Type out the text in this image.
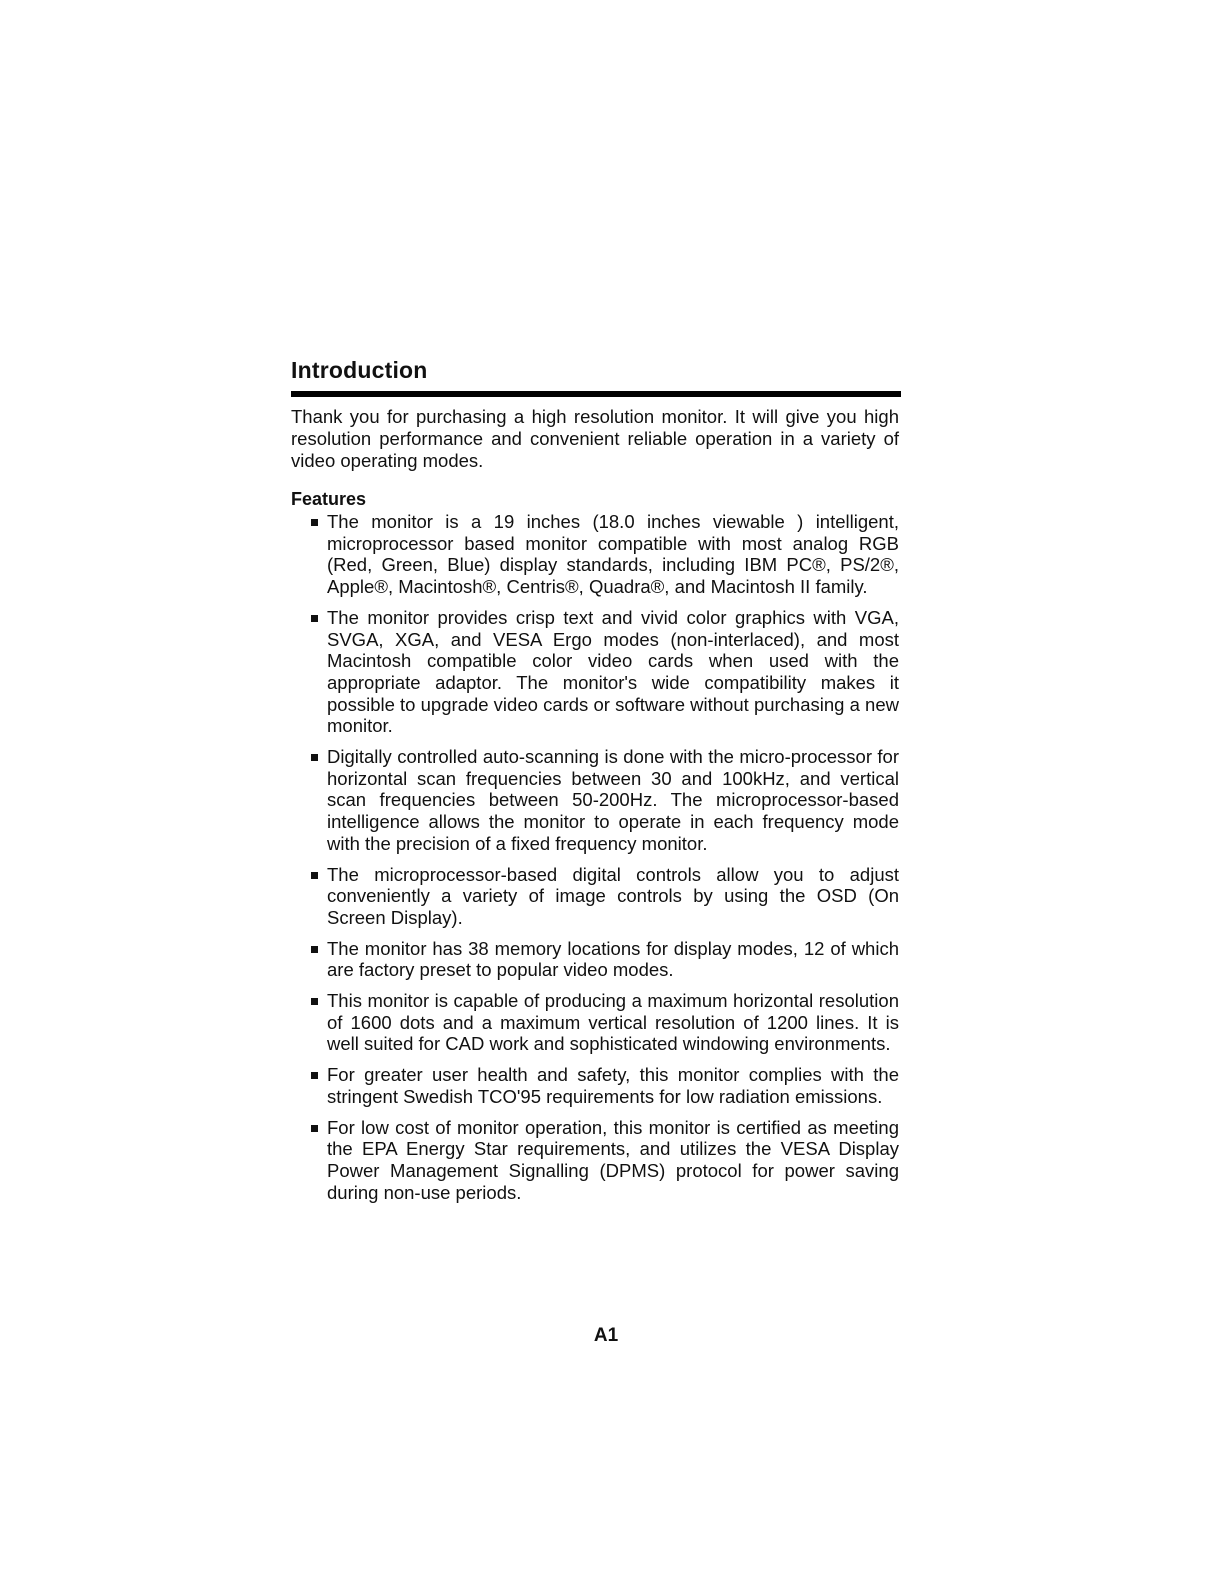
Introduction

Thank you for purchasing a high resolution monitor. It will give you high resolution performance and convenient reliable operation in a variety of video operating modes.

Features
The monitor is a 19 inches (18.0 inches viewable ) intelligent, microprocessor based monitor compatible with most analog RGB (Red, Green, Blue) display standards, including IBM PC®, PS/2®, Apple®, Macintosh®, Centris®, Quadra®, and Macintosh II family.
The monitor provides crisp text and vivid color graphics with VGA, SVGA, XGA, and VESA Ergo modes (non-interlaced), and most Macintosh compatible color video cards when used with the appropriate adaptor. The monitor's wide compatibility makes it possible to upgrade video cards or software without purchasing a new monitor.
Digitally controlled auto-scanning is done with the micro-processor for horizontal scan frequencies between 30 and 100kHz, and vertical scan frequencies between 50-200Hz. The microprocessor-based intelligence allows the monitor to operate in each frequency mode with the precision of a fixed frequency monitor.
The microprocessor-based digital controls allow you to adjust conveniently a variety of image controls by using the OSD (On Screen Display).
The monitor has 38 memory locations for display modes, 12 of which are factory preset to popular video modes.
This monitor is capable of producing a maximum horizontal resolution of 1600 dots and a maximum vertical resolution of 1200 lines. It is well suited for CAD work and sophisticated windowing environments.
For greater user health and safety, this monitor complies with the stringent Swedish TCO'95 requirements for low radiation emissions.
For low cost of monitor operation, this monitor is certified as meeting the EPA Energy Star requirements, and utilizes the VESA Display Power Management Signalling (DPMS) protocol for power saving during non-use periods.
A1
